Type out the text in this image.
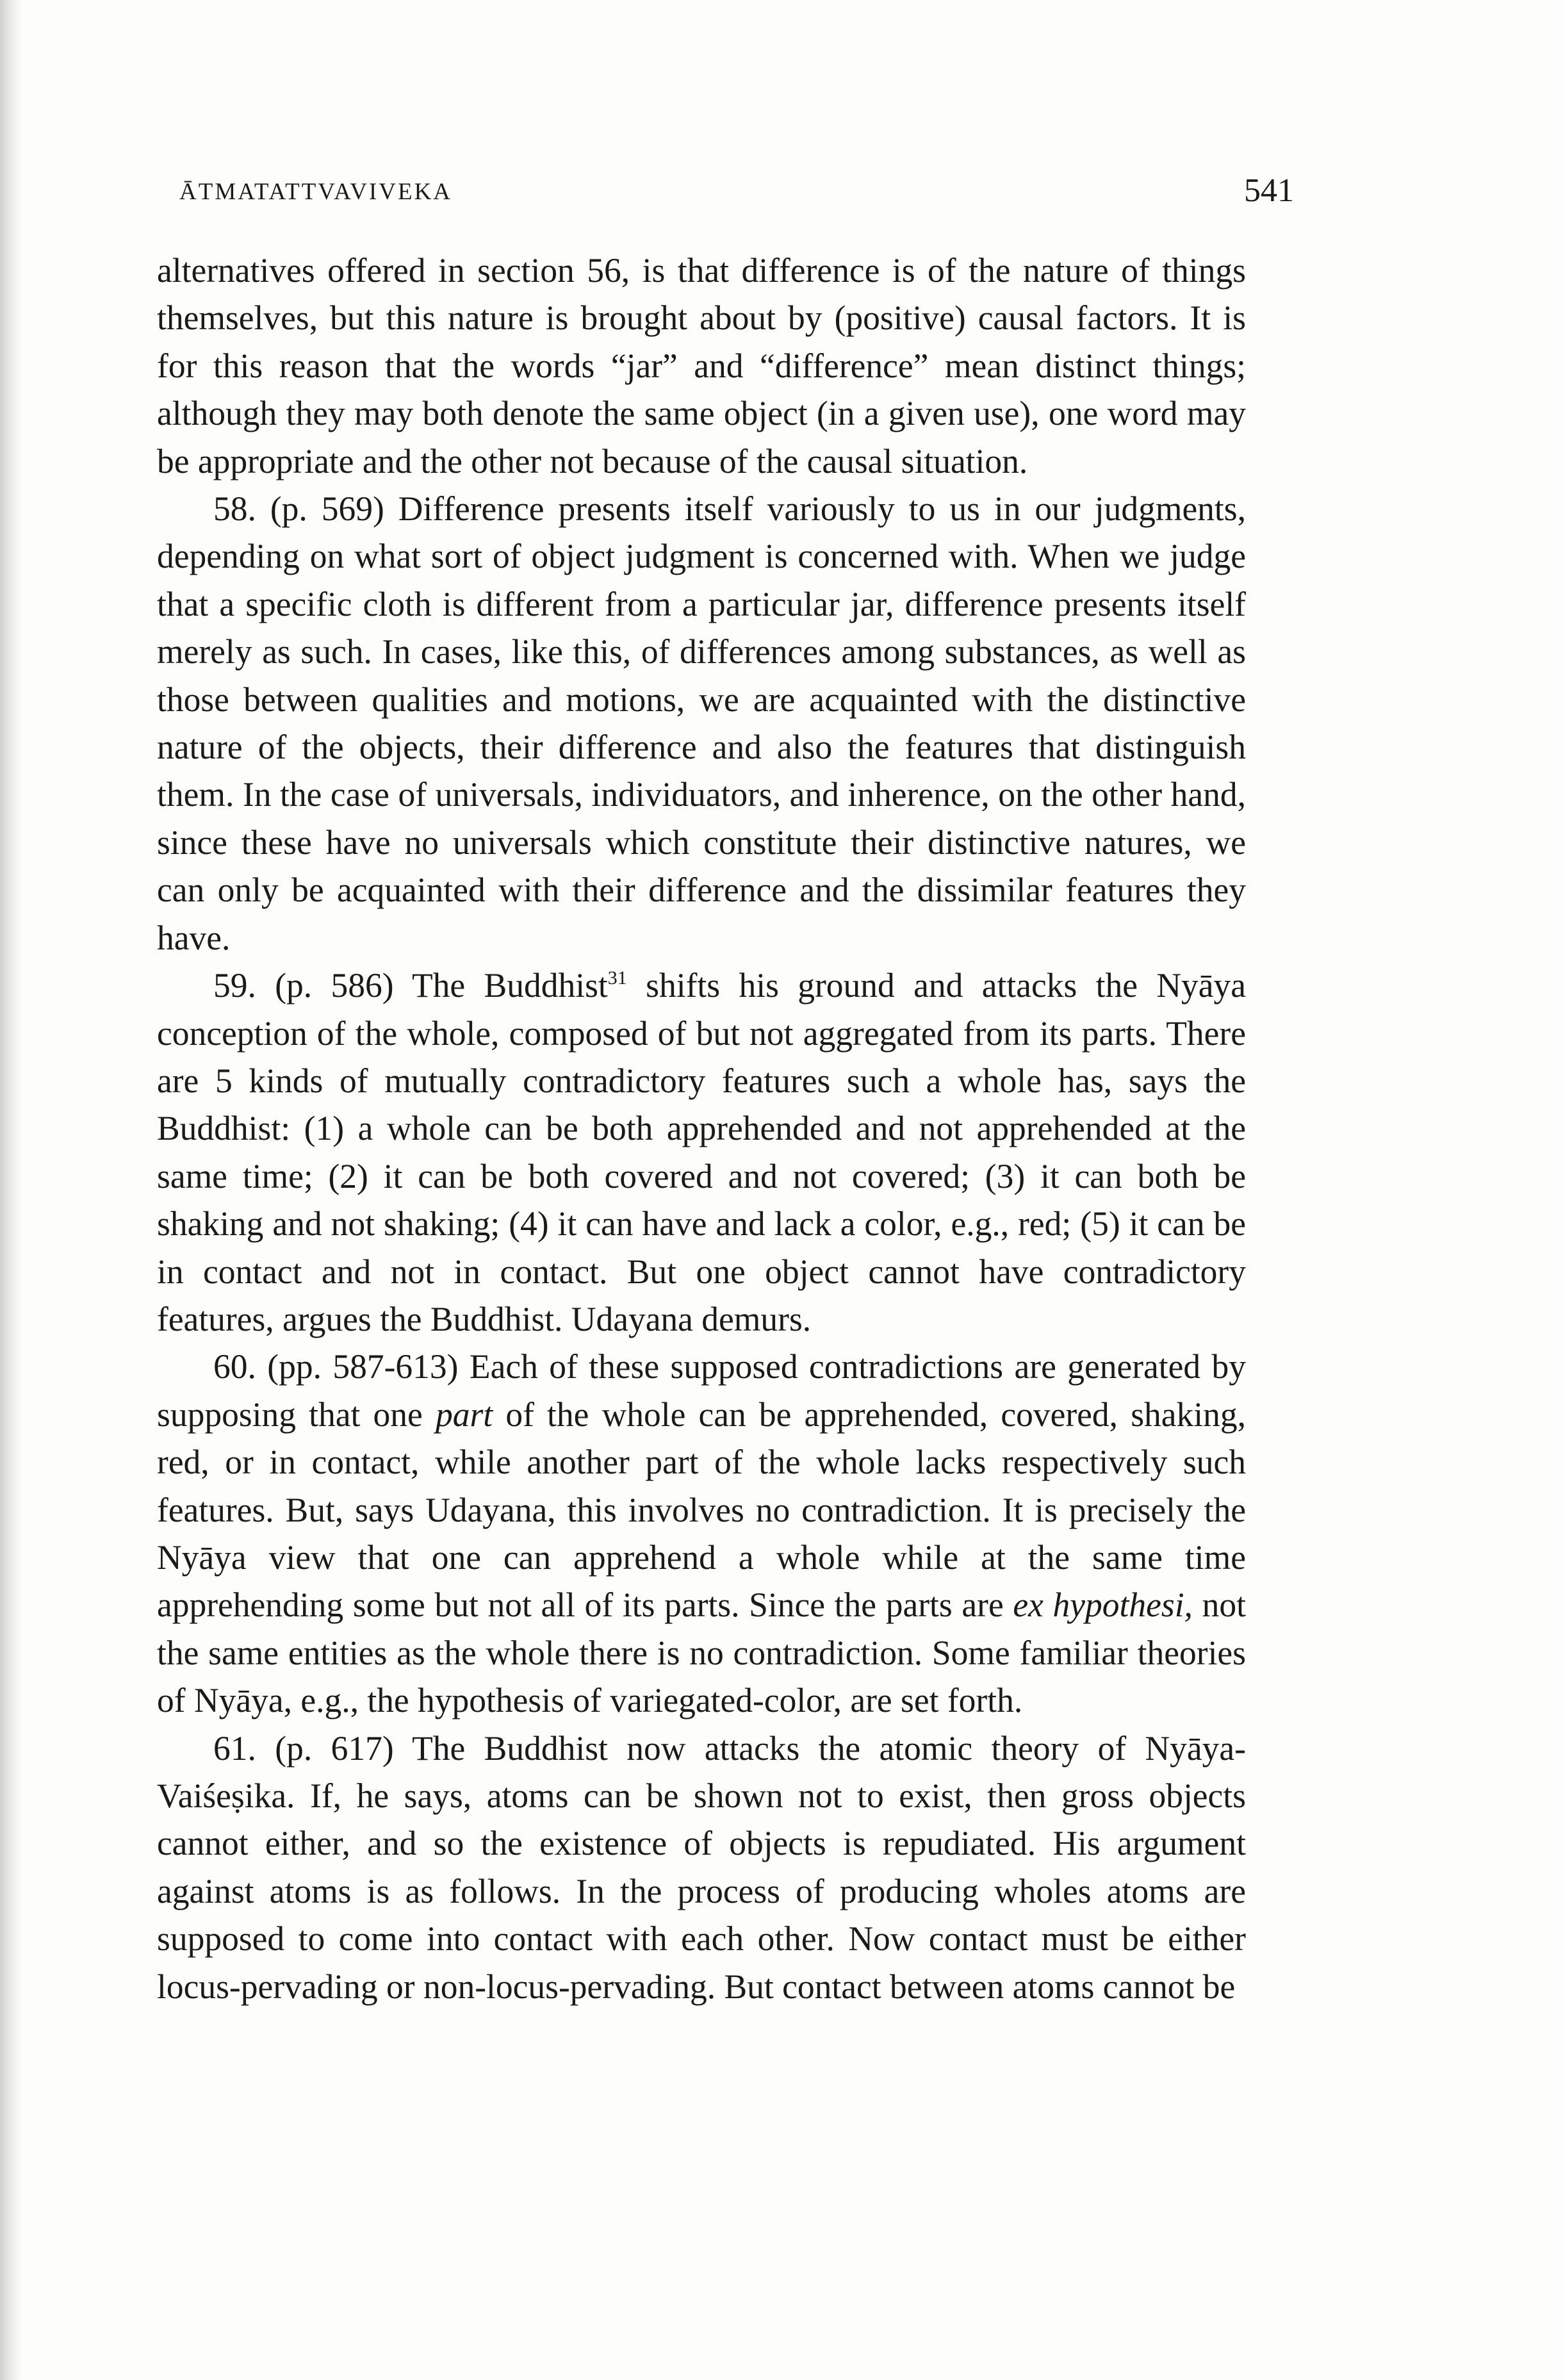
ĀTMATATTVAVIVEKA	541

alternatives offered in section 56, is that difference is of the nature of things themselves, but this nature is brought about by (positive) causal factors. It is for this reason that the words “jar” and “difference” mean distinct things; although they may both denote the same object (in a given use), one word may be appropriate and the other not because of the causal situation.

58. (p. 569) Difference presents itself variously to us in our judgments, depending on what sort of object judgment is concerned with. When we judge that a specific cloth is different from a particular jar, difference presents itself merely as such. In cases, like this, of differences among substances, as well as those between qualities and motions, we are acquainted with the distinctive nature of the objects, their difference and also the features that distinguish them. In the case of universals, individuators, and inherence, on the other hand, since these have no universals which constitute their distinctive natures, we can only be acquainted with their difference and the dissimilar features they have.

59. (p. 586) The Buddhist$^{31}$ shifts his ground and attacks the Nyāya conception of the whole, composed of but not aggregated from its parts. There are 5 kinds of mutually contradictory features such a whole has, says the Buddhist: (1) a whole can be both apprehended and not apprehended at the same time; (2) it can be both covered and not covered; (3) it can both be shaking and not shaking; (4) it can have and lack a color, e.g., red; (5) it can be in contact and not in contact. But one object cannot have contradictory features, argues the Buddhist. Udayana demurs.

60. (pp. 587-613) Each of these supposed contradictions are generated by supposing that one part of the whole can be apprehended, covered, shaking, red, or in contact, while another part of the whole lacks respectively such features. But, says Udayana, this involves no contradiction. It is precisely the Nyāya view that one can apprehend a whole while at the same time apprehending some but not all of its parts. Since the parts are ex hypothesi, not the same entities as the whole there is no contradiction. Some familiar theories of Nyāya, e.g., the hypothesis of variegated-color, are set forth.

61. (p. 617) The Buddhist now attacks the atomic theory of Nyāya-Vaiśeṣika. If, he says, atoms can be shown not to exist, then gross objects cannot either, and so the existence of objects is repudiated. His argument against atoms is as follows. In the process of producing wholes atoms are supposed to come into contact with each other. Now contact must be either locus-pervading or non-locus-pervading. But contact between atoms cannot be
